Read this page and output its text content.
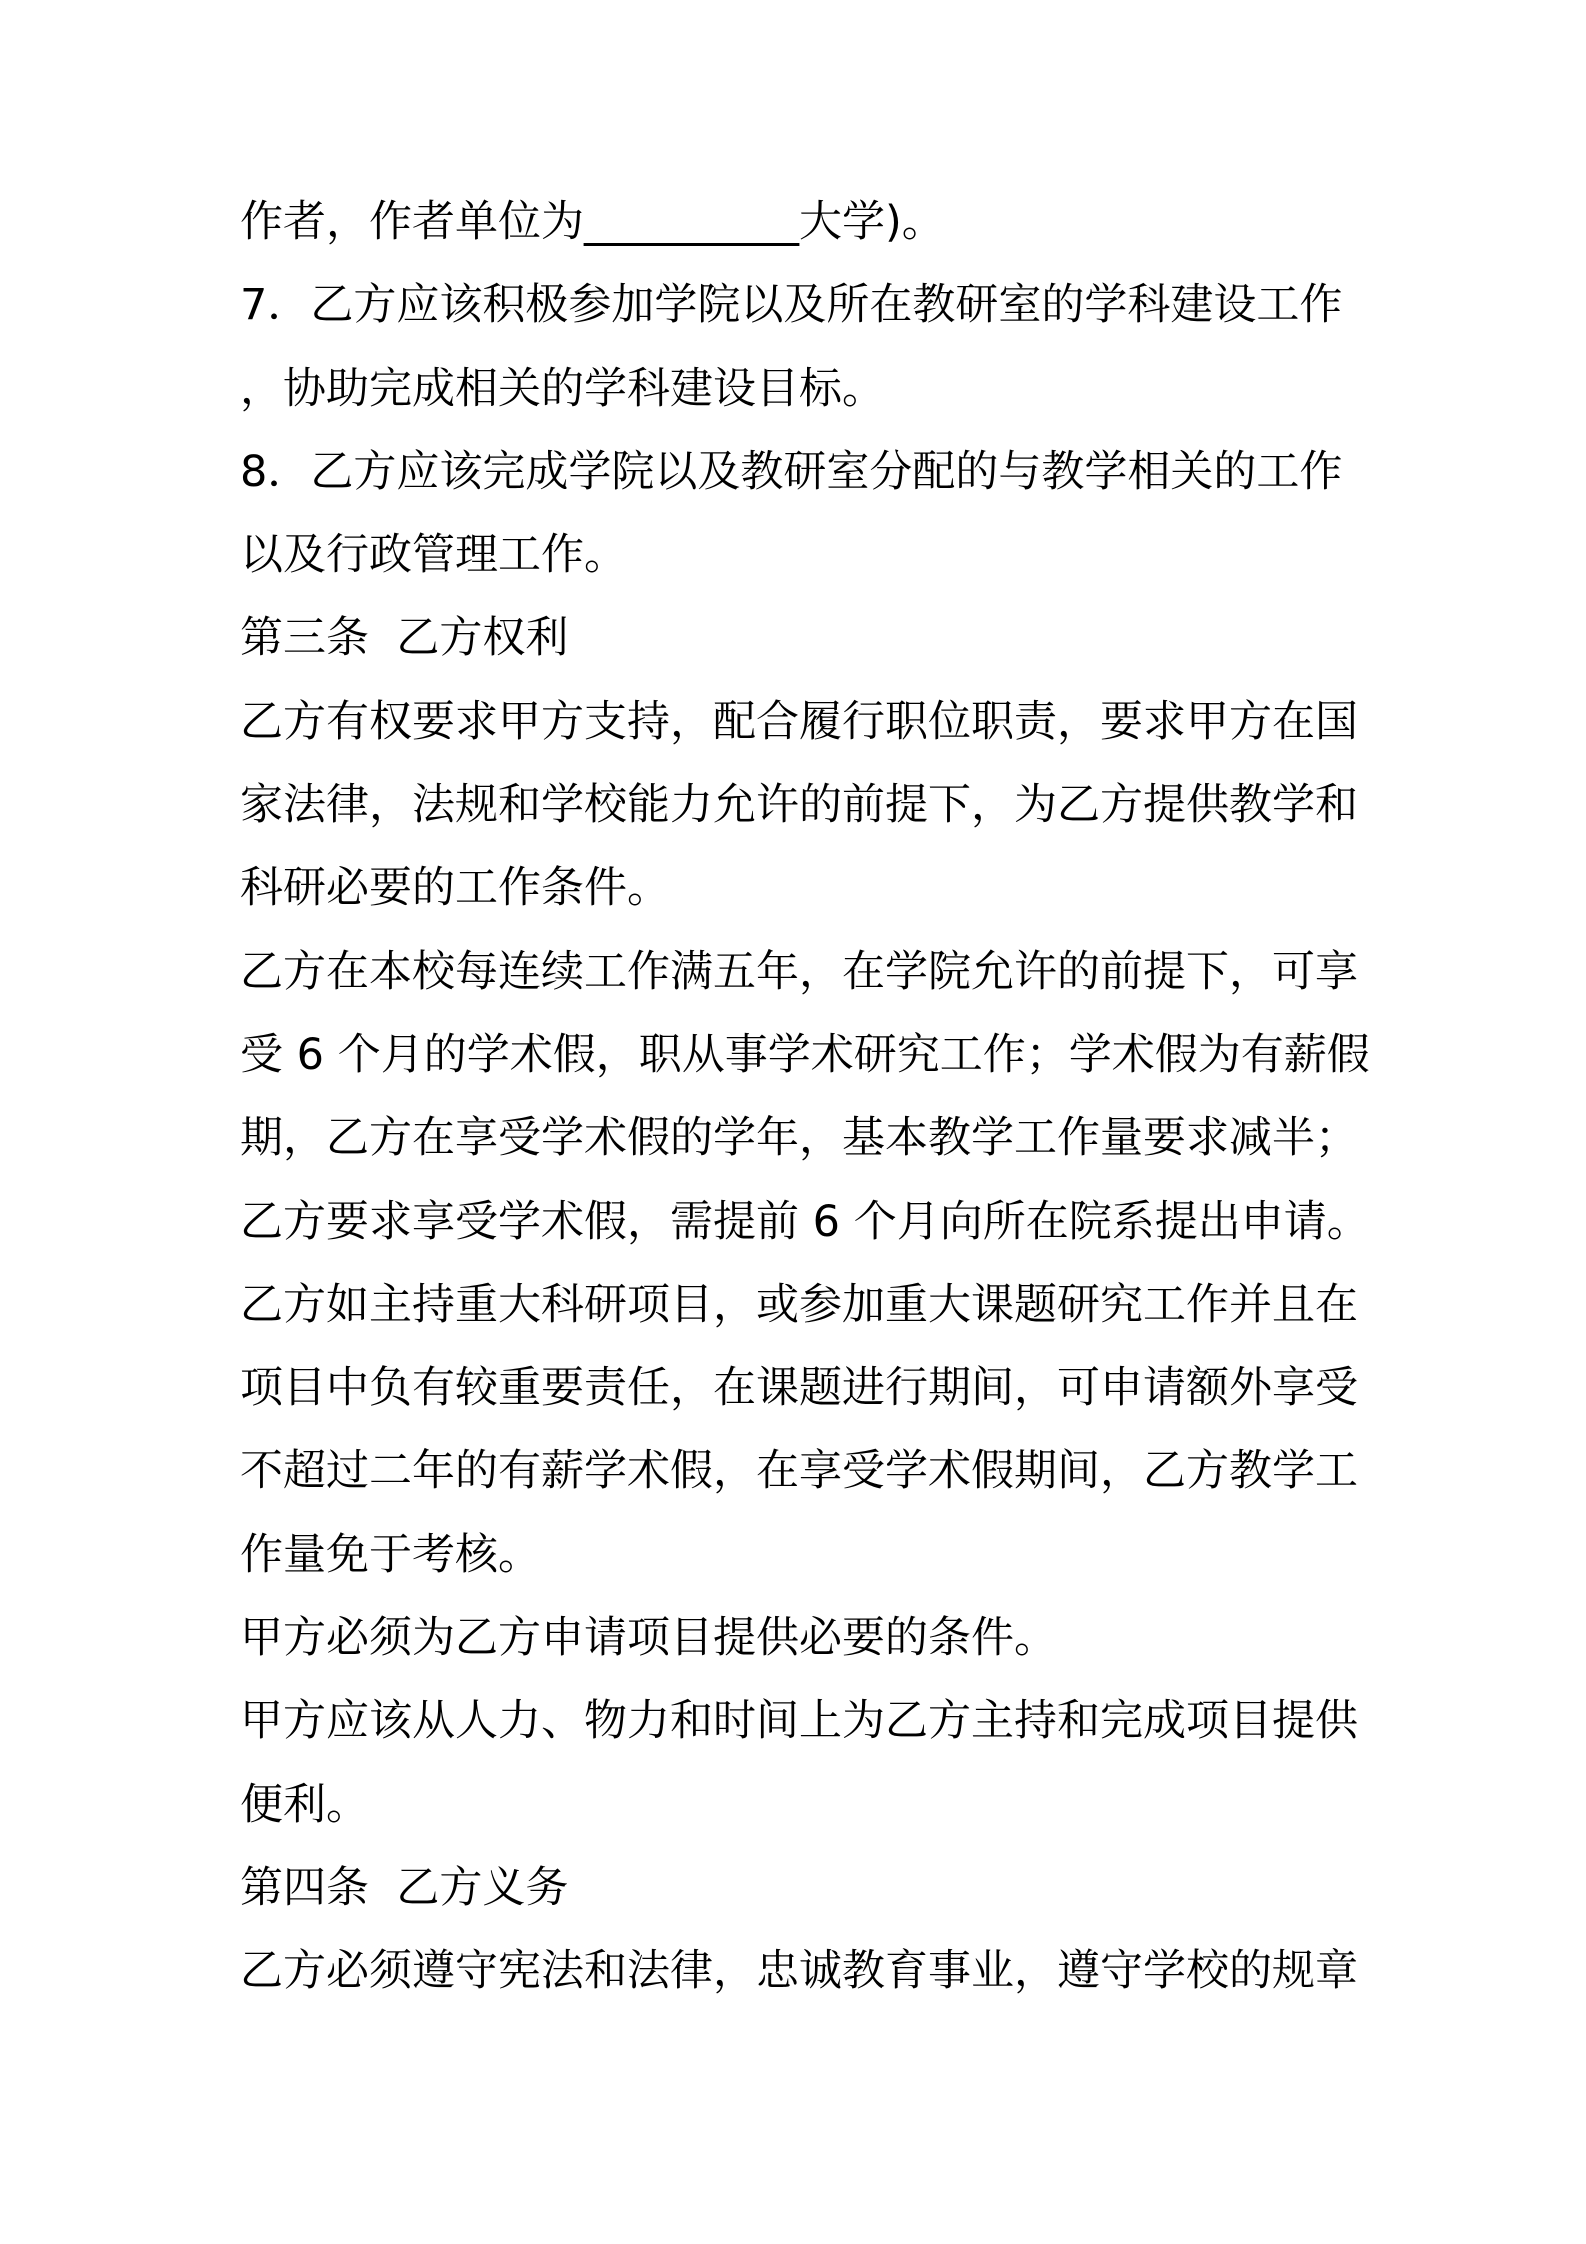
作者，作者单位为__________大学)。
7．乙方应该积极参加学院以及所在教研室的学科建设工作
，协助完成相关的学科建设目标。
8．乙方应该完成学院以及教研室分配的与教学相关的工作
以及行政管理工作。
第三条  乙方权利
乙方有权要求甲方支持，配合履行职位职责，要求甲方在国
家法律，法规和学校能力允许的前提下，为乙方提供教学和
科研必要的工作条件。
乙方在本校每连续工作满五年，在学院允许的前提下，可享
受 6 个月的学术假，职从事学术研究工作；学术假为有薪假
期，乙方在享受学术假的学年，基本教学工作量要求减半；
乙方要求享受学术假，需提前 6 个月向所在院系提出申请。
乙方如主持重大科研项目，或参加重大课题研究工作并且在
项目中负有较重要责任，在课题进行期间，可申请额外享受
不超过二年的有薪学术假，在享受学术假期间，乙方教学工
作量免于考核。
甲方必须为乙方申请项目提供必要的条件。
甲方应该从人力、物力和时间上为乙方主持和完成项目提供
便利。
第四条  乙方义务
乙方必须遵守宪法和法律，忠诚教育事业，遵守学校的规章
